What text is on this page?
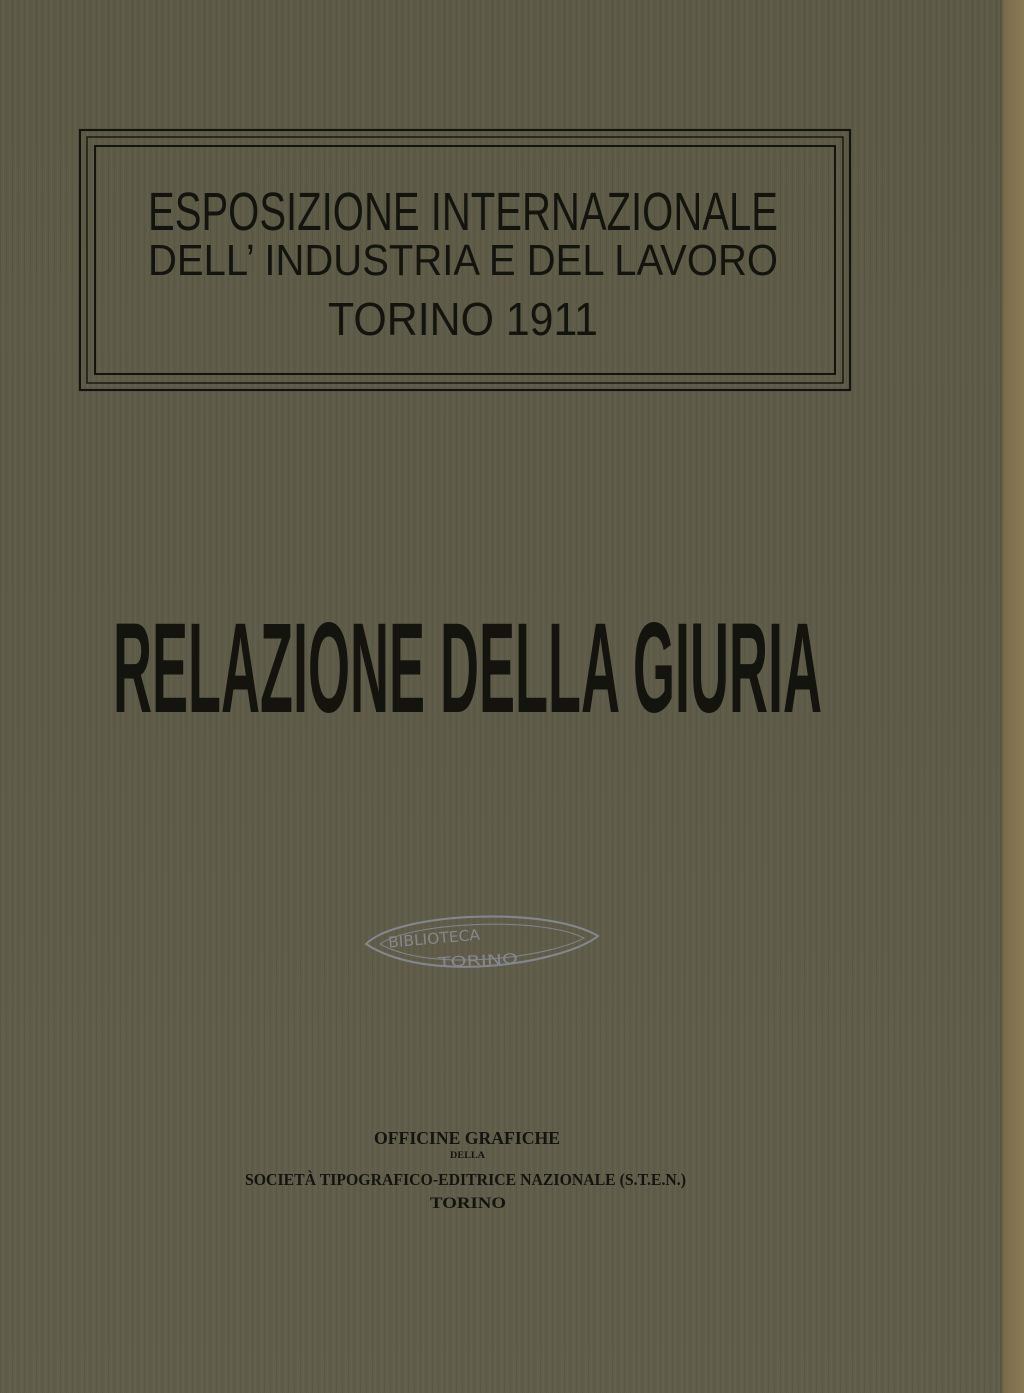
ESPOSIZIONE INTERNAZIONALE
DELL’ INDUSTRIA E DEL LAVORO
TORINO 1911
RELAZIONE DELLA GIURIA
BIBLIOTECA
TORINO
OFFICINE GRAFICHE
DELLA
SOCIETÀ TIPOGRAFICO-EDITRICE NAZIONALE (S.T.E.N.)
TORINO
